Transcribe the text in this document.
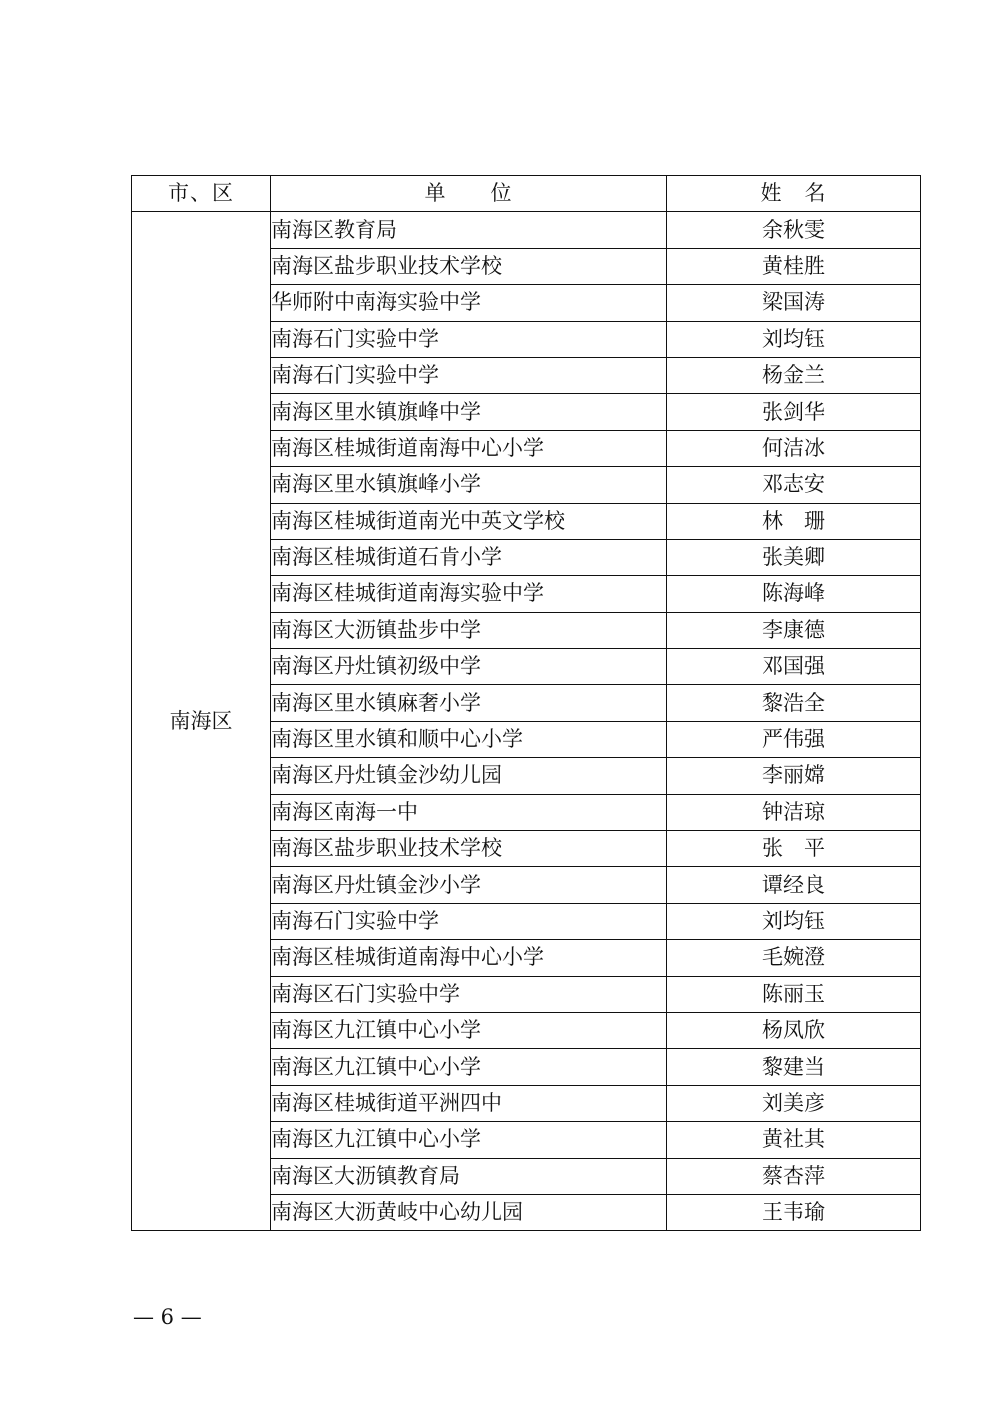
市、区	单　　位	姓　名
南海区	南海区教育局	余秋雯
	南海区盐步职业技术学校	黄桂胜
	华师附中南海实验中学	梁国涛
	南海石门实验中学	刘均钰
	南海石门实验中学	杨金兰
	南海区里水镇旗峰中学	张剑华
	南海区桂城街道南海中心小学	何洁冰
	南海区里水镇旗峰小学	邓志安
	南海区桂城街道南光中英文学校	林　珊
	南海区桂城街道石肯小学	张美卿
	南海区桂城街道南海实验中学	陈海峰
	南海区大沥镇盐步中学	李康德
	南海区丹灶镇初级中学	邓国强
	南海区里水镇麻奢小学	黎浩全
	南海区里水镇和顺中心小学	严伟强
	南海区丹灶镇金沙幼儿园	李丽嫦
	南海区南海一中	钟洁琼
	南海区盐步职业技术学校	张　平
	南海区丹灶镇金沙小学	谭经良
	南海石门实验中学	刘均钰
	南海区桂城街道南海中心小学	毛婉澄
	南海区石门实验中学	陈丽玉
	南海区九江镇中心小学	杨凤欣
	南海区九江镇中心小学	黎建当
	南海区桂城街道平洲四中	刘美彦
	南海区九江镇中心小学	黄社其
	南海区大沥镇教育局	蔡杏萍
	南海区大沥黄岐中心幼儿园	王韦瑜
— 6 —
